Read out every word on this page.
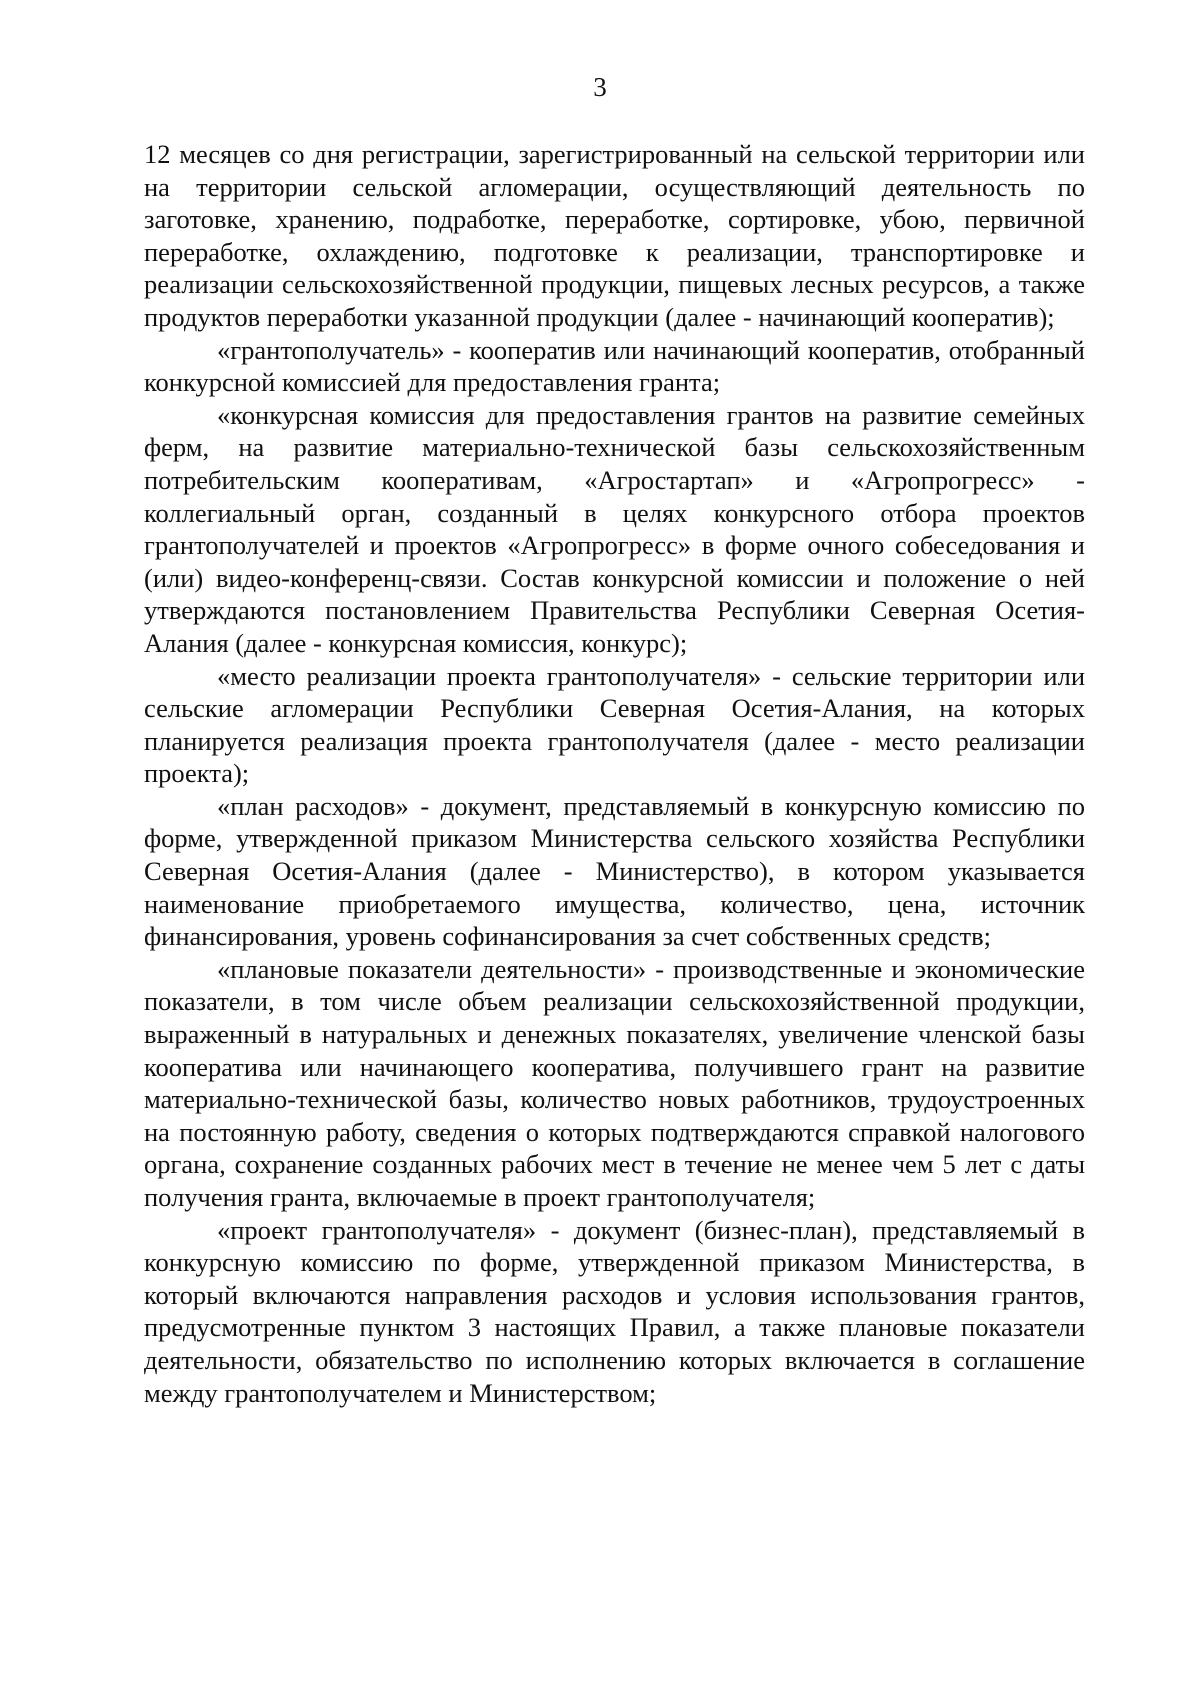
3

12 месяцев со дня регистрации, зарегистрированный на сельской территории или на территории сельской агломерации, осуществляющий деятельность по заготовке, хранению, подработке, переработке, сортировке, убою, первичной переработке, охлаждению, подготовке к реализации, транспортировке и реализации сельскохозяйственной продукции, пищевых лесных ресурсов, а также продуктов переработки указанной продукции (далее - начинающий кооператив);

«грантополучатель» - кооператив или начинающий кооператив, отобранный конкурсной комиссией для предоставления гранта;

«конкурсная комиссия для предоставления грантов на развитие семейных ферм, на развитие материально-технической базы сельскохозяйственным потребительским кооперативам, «Агростартап» и «Агропрогресс» - коллегиальный орган, созданный в целях конкурсного отбора проектов грантополучателей и проектов «Агропрогресс» в форме очного собеседования и (или) видео-конференц-связи. Состав конкурсной комиссии и положение о ней утверждаются постановлением Правительства Республики Северная Осетия-Алания (далее - конкурсная комиссия, конкурс);

«место реализации проекта грантополучателя» - сельские территории или сельские агломерации Республики Северная Осетия-Алания, на которых планируется реализация проекта грантополучателя (далее - место реализации проекта);

«план расходов» - документ, представляемый в конкурсную комиссию по форме, утвержденной приказом Министерства сельского хозяйства Республики Северная Осетия-Алания (далее - Министерство), в котором указывается наименование приобретаемого имущества, количество, цена, источник финансирования, уровень софинансирования за счет собственных средств;

«плановые показатели деятельности» - производственные и экономические показатели, в том числе объем реализации сельскохозяйственной продукции, выраженный в натуральных и денежных показателях, увеличение членской базы кооператива или начинающего кооператива, получившего грант на развитие материально-технической базы, количество новых работников, трудоустроенных на постоянную работу, сведения о которых подтверждаются справкой налогового органа, сохранение созданных рабочих мест в течение не менее чем 5 лет с даты получения гранта, включаемые в проект грантополучателя;

«проект грантополучателя» - документ (бизнес-план), представляемый в конкурсную комиссию по форме, утвержденной приказом Министерства, в который включаются направления расходов и условия использования грантов, предусмотренные пунктом 3 настоящих Правил, а также плановые показатели деятельности, обязательство по исполнению которых включается в соглашение между грантополучателем и Министерством;
